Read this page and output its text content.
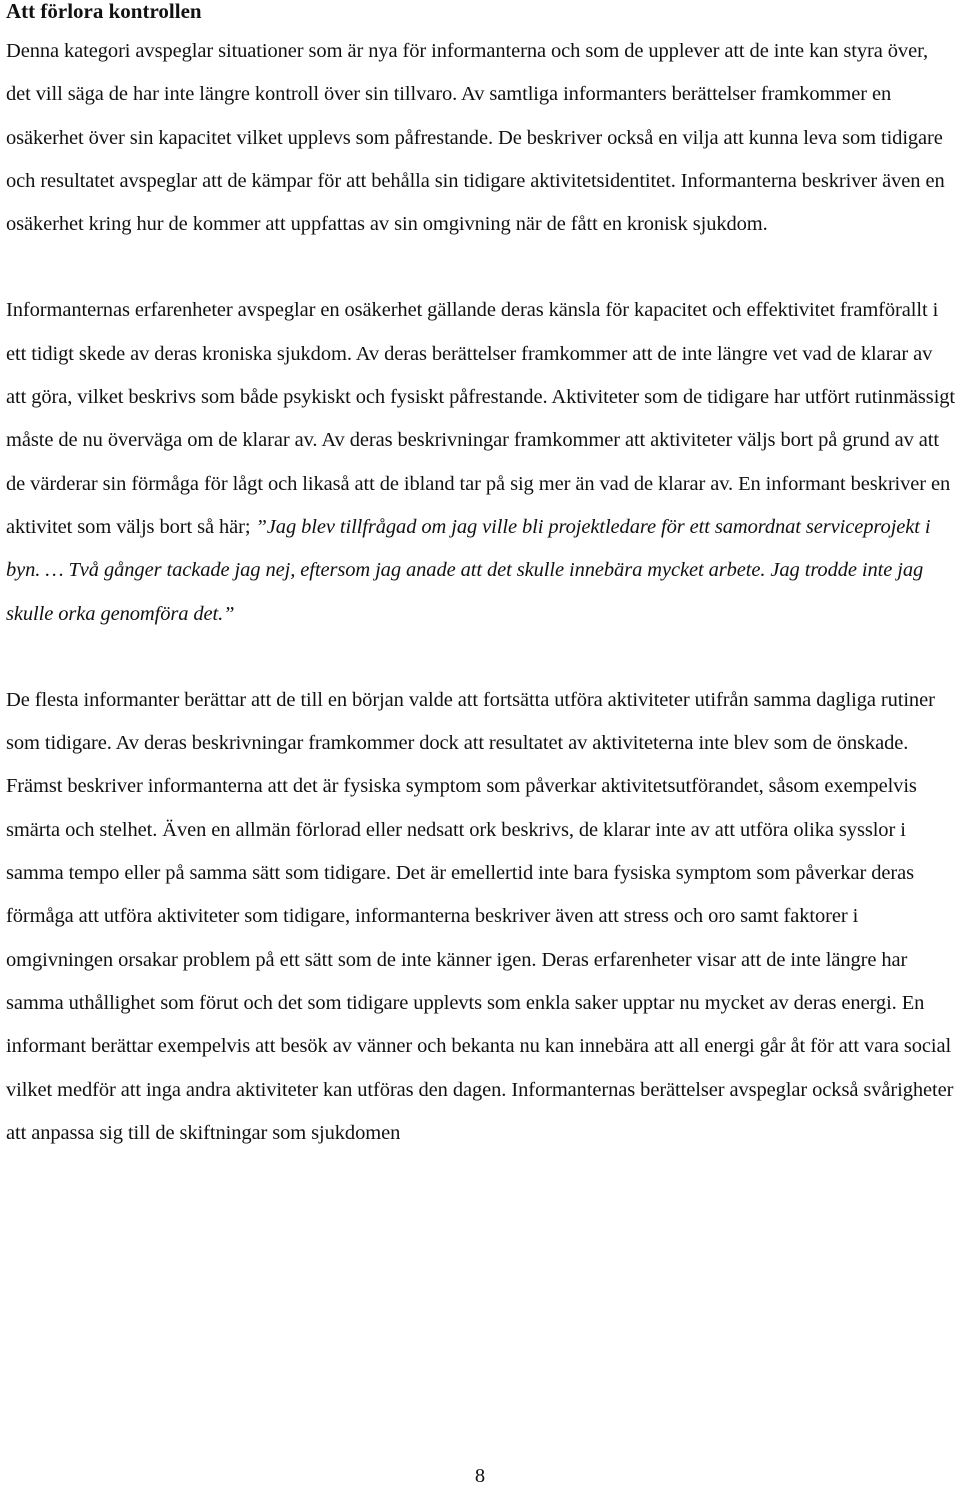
Att förlora kontrollen

Denna kategori avspeglar situationer som är nya för informanterna och som de upplever att de inte kan styra över, det vill säga de har inte längre kontroll över sin tillvaro. Av samtliga informanters berättelser framkommer en osäkerhet över sin kapacitet vilket upplevs som påfrestande. De beskriver också en vilja att kunna leva som tidigare och resultatet avspeglar att de kämpar för att behålla sin tidigare aktivitetsidentitet. Informanterna beskriver även en osäkerhet kring hur de kommer att uppfattas av sin omgivning när de fått en kronisk sjukdom.

Informanternas erfarenheter avspeglar en osäkerhet gällande deras känsla för kapacitet och effektivitet framförallt i ett tidigt skede av deras kroniska sjukdom. Av deras berättelser framkommer att de inte längre vet vad de klarar av att göra, vilket beskrivs som både psykiskt och fysiskt påfrestande. Aktiviteter som de tidigare har utfört rutinmässigt måste de nu överväga om de klarar av. Av deras beskrivningar framkommer att aktiviteter väljs bort på grund av att de värderar sin förmåga för lågt och likaså att de ibland tar på sig mer än vad de klarar av. En informant beskriver en aktivitet som väljs bort så här; ”Jag blev tillfrågad om jag ville bli projektledare för ett samordnat serviceprojekt i byn. … Två gånger tackade jag nej, eftersom jag anade att det skulle innebära mycket arbete. Jag trodde inte jag skulle orka genomföra det.”

De flesta informanter berättar att de till en början valde att fortsätta utföra aktiviteter utifrån samma dagliga rutiner som tidigare. Av deras beskrivningar framkommer dock att resultatet av aktiviteterna inte blev som de önskade. Främst beskriver informanterna att det är fysiska symptom som påverkar aktivitetsutförandet, såsom exempelvis smärta och stelhet. Även en allmän förlorad eller nedsatt ork beskrivs, de klarar inte av att utföra olika sysslor i samma tempo eller på samma sätt som tidigare. Det är emellertid inte bara fysiska symptom som påverkar deras förmåga att utföra aktiviteter som tidigare, informanterna beskriver även att stress och oro samt faktorer i omgivningen orsakar problem på ett sätt som de inte känner igen. Deras erfarenheter visar att de inte längre har samma uthållighet som förut och det som tidigare upplevts som enkla saker upptar nu mycket av deras energi. En informant berättar exempelvis att besök av vänner och bekanta nu kan innebära att all energi går åt för att vara social vilket medför att inga andra aktiviteter kan utföras den dagen. Informanternas berättelser avspeglar också svårigheter att anpassa sig till de skiftningar som sjukdomen

8
